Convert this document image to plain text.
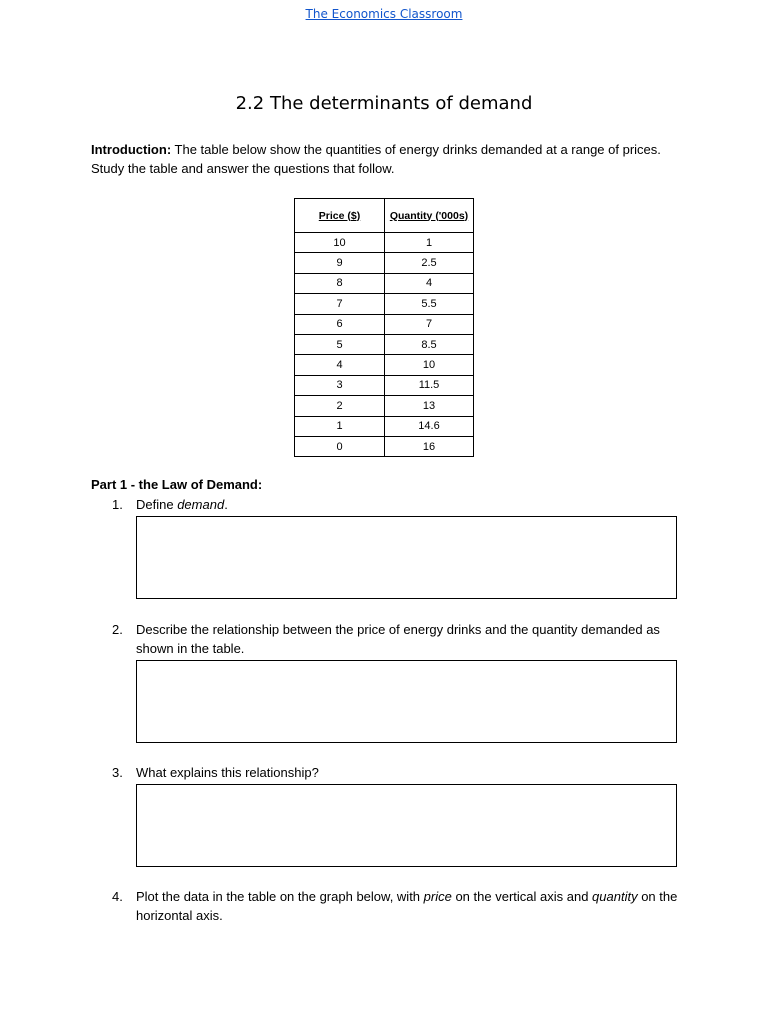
The Economics Classroom
2.2 The determinants of demand
Introduction: The table below show the quantities of energy drinks demanded at a range of prices. Study the table and answer the questions that follow.
Price ($)	Quantity ('000s)
10	1
9	2.5
8	4
7	5.5
6	7
5	8.5
4	10
3	11.5
2	13
1	14.6
0	16
Part 1 - the Law of Demand:
1. Define demand.
2. Describe the relationship between the price of energy drinks and the quantity demanded as shown in the table.
3. What explains this relationship?
4. Plot the data in the table on the graph below, with price on the vertical axis and quantity on the horizontal axis.
